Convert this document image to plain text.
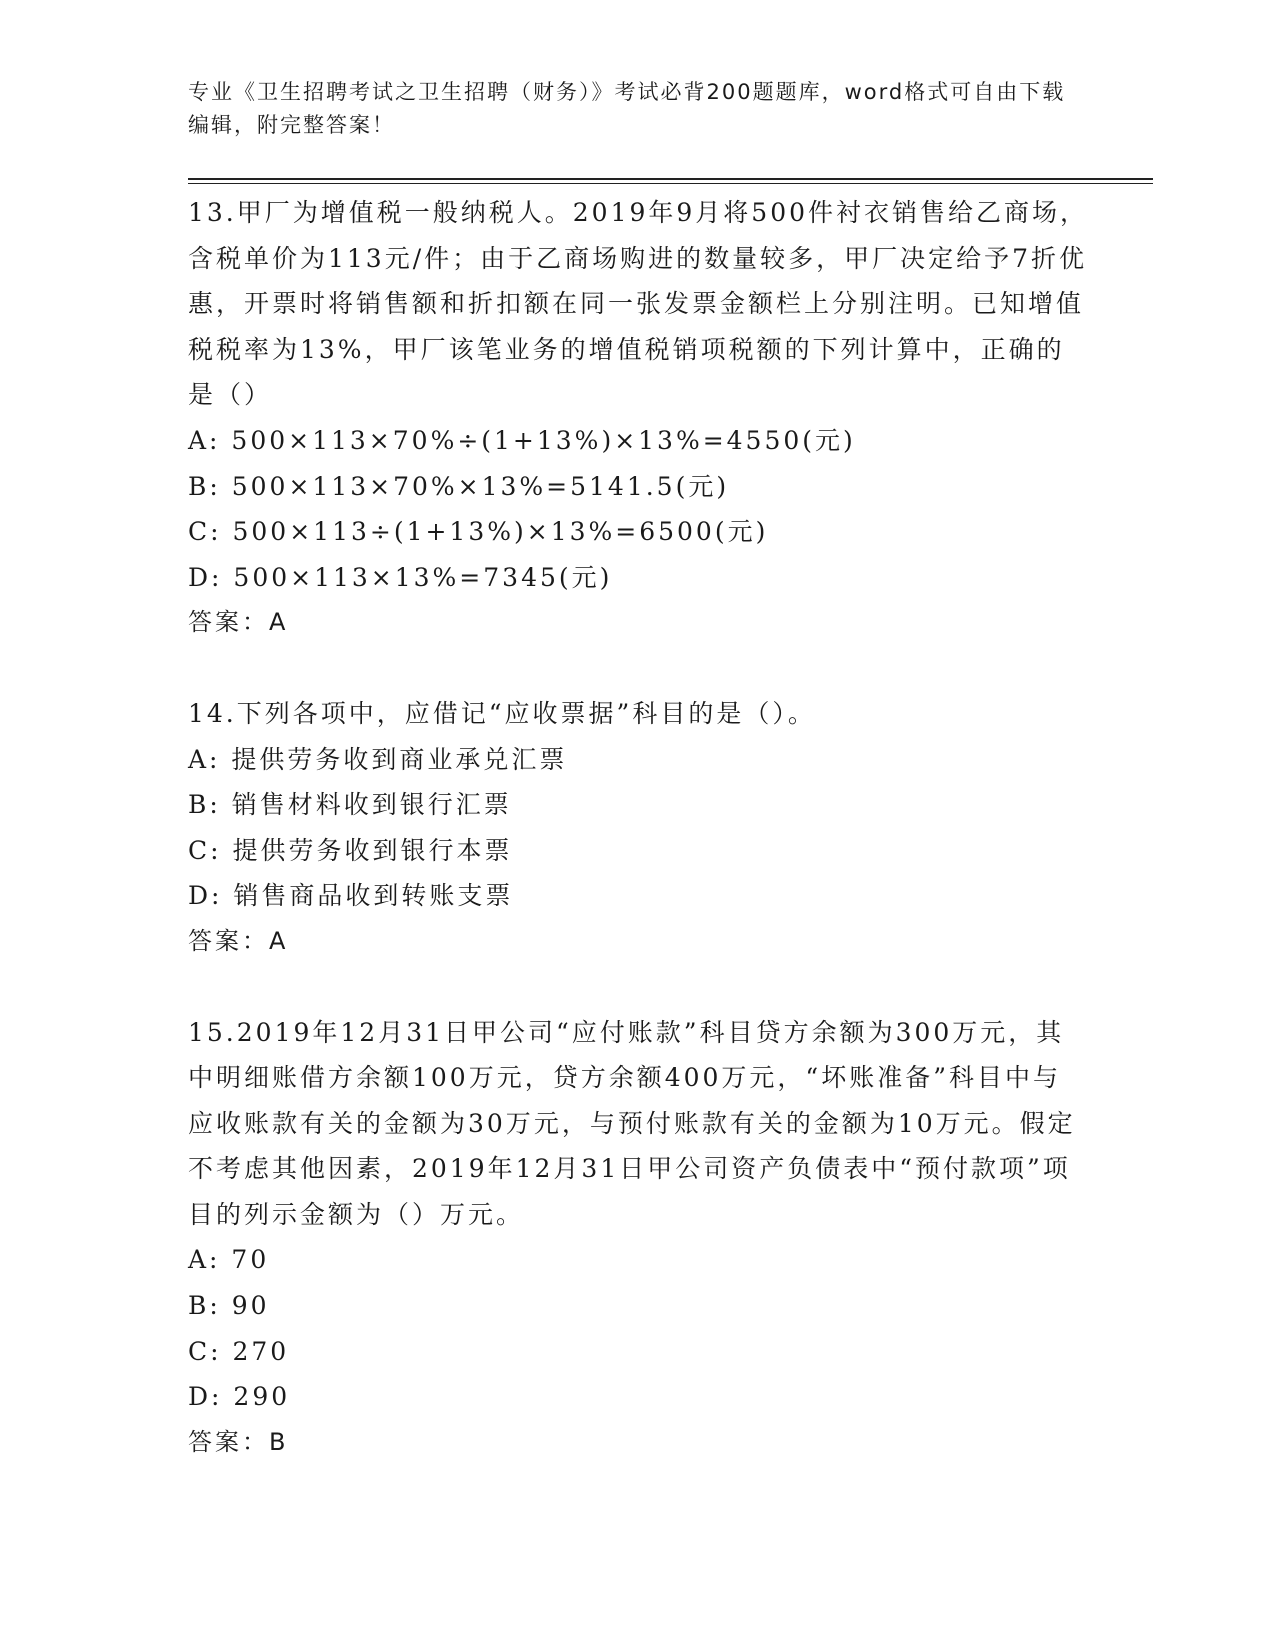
专业《卫生招聘考试之卫生招聘（财务）》考试必背200题题库，word格式可自由下载编辑，附完整答案！

13.甲厂为增值税一般纳税人。2019年9月将500件衬衣销售给乙商场，含税单价为113元/件；由于乙商场购进的数量较多，甲厂决定给予7折优惠，开票时将销售额和折扣额在同一张发票金额栏上分别注明。已知增值税税率为13%，甲厂该笔业务的增值税销项税额的下列计算中，正确的是（）

A: 500×113×70%÷(1+13%)×13%=4550(元)

B: 500×113×70%×13%=5141.5(元)

C: 500×113÷(1+13%)×13%=6500(元)

D: 500×113×13%=7345(元)

答案：A

14.下列各项中，应借记“应收票据”科目的是（）。

A: 提供劳务收到商业承兑汇票

B: 销售材料收到银行汇票

C: 提供劳务收到银行本票

D: 销售商品收到转账支票

答案：A

15.2019年12月31日甲公司“应付账款”科目贷方余额为300万元，其中明细账借方余额100万元，贷方余额400万元，“坏账准备”科目中与应收账款有关的金额为30万元，与预付账款有关的金额为10万元。假定不考虑其他因素，2019年12月31日甲公司资产负债表中“预付款项”项目的列示金额为（）万元。

A: 70

B: 90

C: 270

D: 290

答案：B
